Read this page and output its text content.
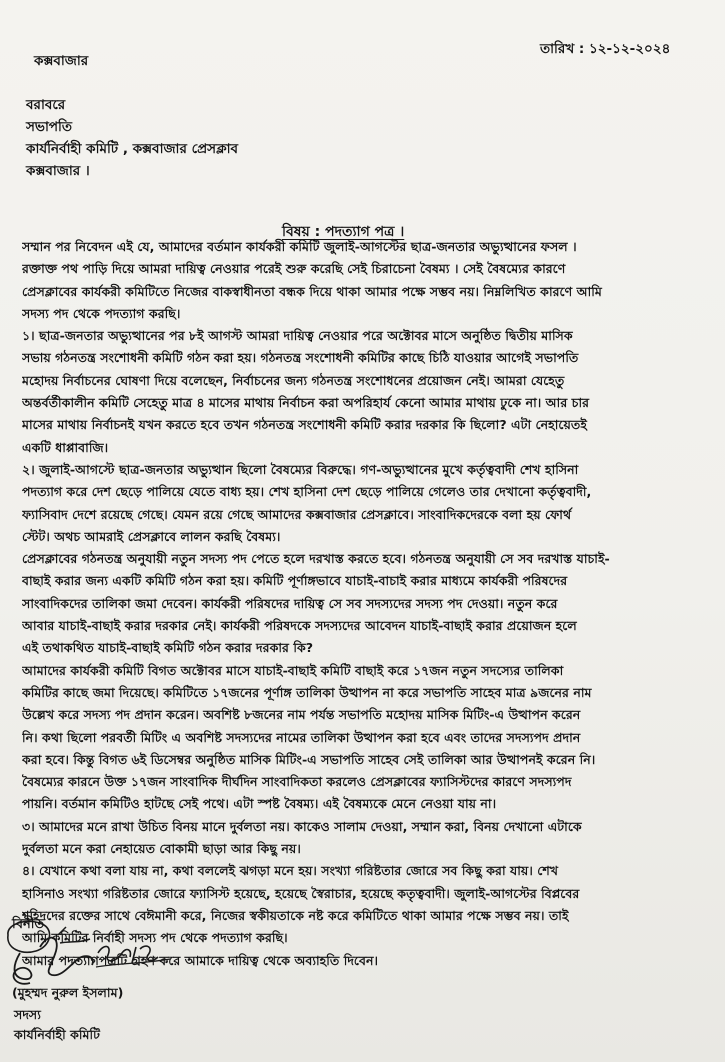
তারিখ : ১২-১২-২০২৪
কক্সবাজার
বরাবরে
সভাপতি
কার্যনির্বাহী কমিটি , কক্সবাজার প্রেসক্লাব
কক্সবাজার ।
বিষয় : পদত্যাগ পত্র ।
সম্মান পর নিবেদন এই যে, আমাদের বর্তমান কার্যকরী কমিটি জুলাই-আগস্টের ছাত্র-জনতার অভ্যুত্থানের ফসল ।
রক্তাক্ত পথ পাড়ি দিয়ে আমরা দায়িত্ব নেওয়ার পরেই শুরু করেছি সেই চিরাচেনা বৈষম্য । সেই বৈষম্যের কারণে
প্রেসক্লাবের কার্যকরী কমিটিতে নিজের বাকস্বাধীনতা বন্ধক দিয়ে থাকা আমার পক্ষে সম্ভব নয়। নিম্নলিখিত কারণে আমি
সদস্য পদ থেকে পদত্যাগ করছি।
১। ছাত্র-জনতার অভ্যুত্থানের পর ৮ই আগস্ট আমরা দায়িত্ব নেওয়ার পরে অক্টোবর মাসে অনুষ্ঠিত দ্বিতীয় মাসিক
সভায় গঠনতন্ত্র সংশোধনী কমিটি গঠন করা হয়। গঠনতন্ত্র সংশোধনী কমিটির কাছে চিঠি যাওয়ার আগেই সভাপতি
মহোদয় নির্বাচনের ঘোষণা দিয়ে বলেছেন, নির্বাচনের জন্য গঠনতন্ত্র সংশোধনের প্রয়োজন নেই। আমরা যেহেতু
অন্তর্বর্তীকালীন কমিটি সেহেতু মাত্র ৪ মাসের মাথায় নির্বাচন করা অপরিহার্য কেনো আমার মাথায় ঢুকে না। আর চার
মাসের মাথায় নির্বাচনই যখন করতে হবে তখন গঠনতন্ত্র সংশোধনী কমিটি করার দরকার কি ছিলো? এটা নেহায়েতই
একটি ধাপ্পাবাজি।
২। জুলাই-আগস্টে ছাত্র-জনতার অভ্যুত্থান ছিলো বৈষম্যের বিরুদ্ধে। গণ-অভ্যুত্থানের মুখে কর্তৃত্ববাদী শেখ হাসিনা
পদত্যাগ করে দেশ ছেড়ে পালিয়ে যেতে বাধ্য হয়। শেখ হাসিনা দেশ ছেড়ে পালিয়ে গেলেও তার দেখানো কর্তৃত্ববাদী,
ফ্যাসিবাদ দেশে রয়েছে গেছে। যেমন রয়ে গেছে আমাদের কক্সবাজার প্রেসক্লাবে। সাংবাদিকদেরকে বলা হয় ফোর্থ
স্টেট। অথচ আমরাই প্রেসক্লাবে লালন করছি বৈষম্য।
প্রেসক্লাবের গঠনতন্ত্র অনুযায়ী নতুন সদস্য পদ পেতে হলে দরখাস্ত করতে হবে। গঠনতন্ত্র অনুযায়ী সে সব দরখাস্ত যাচাই-
বাছাই করার জন্য একটি কমিটি গঠন করা হয়। কমিটি পূর্ণাঙ্গভাবে যাচাই-বাচাই করার মাধ্যমে কার্যকরী পরিষদের
সাংবাদিকদের তালিকা জমা দেবেন। কার্যকরী পরিষদের দায়িত্ব সে সব সদস্যদের সদস্য পদ দেওয়া। নতুন করে
আবার যাচাই-বাছাই করার দরকার নেই। কার্যকরী পরিষদকে সদস্যদের আবেদন যাচাই-বাছাই করার প্রয়োজন হলে
এই তথাকথিত যাচাই-বাছাই কমিটি গঠন করার দরকার কি?
আমাদের কার্যকরী কমিটি বিগত অক্টোবর মাসে যাচাই-বাছাই কমিটি বাছাই করে ১৭জন নতুন সদস্যের তালিকা
কমিটির কাছে জমা দিয়েছে। কমিটিতে ১৭জনের পূর্ণাঙ্গ তালিকা উত্থাপন না করে সভাপতি সাহেব মাত্র ৯জনের নাম
উল্লেখ করে সদস্য পদ প্রদান করেন। অবশিষ্ট ৮জনের নাম পর্যন্ত সভাপতি মহোদয় মাসিক মিটিং-এ উত্থাপন করেন
নি। কথা ছিলো পরবর্তী মিটিং এ অবশিষ্ট সদস্যদের নামের তালিকা উত্থাপন করা হবে এবং তাদের সদস্যপদ প্রদান
করা হবে। কিন্তু বিগত ৬ই ডিসেম্বর অনুষ্ঠিত মাসিক মিটিং-এ সভাপতি সাহেব সেই তালিকা আর উত্থাপনই করেন নি।
বৈষম্যের কারনে উক্ত ১৭জন সাংবাদিক দীর্ঘদিন সাংবাদিকতা করলেও প্রেসক্লাবের ফ্যাসিস্টদের কারণে সদস্যপদ
পায়নি। বর্তমান কমিটিও হাটছে সেই পথে। এটা স্পষ্ট বৈষম্য। এই বৈষম্যকে মেনে নেওয়া যায় না।
৩। আমাদের মনে রাখা উচিত বিনয় মানে দুর্বলতা নয়। কাকেও সালাম দেওয়া, সম্মান করা, বিনয় দেখানো এটাকে
দুর্বলতা মনে করা নেহায়েত বোকামী ছাড়া আর কিছু নয়।
৪। যেখানে কথা বলা যায় না, কথা বললেই ঝগড়া মনে হয়। সংখ্যা গরিষ্টতার জোরে সব কিছু করা যায়। শেখ
হাসিনাও সংখ্যা গরিষ্টতার জোরে ফ্যাসিস্ট হয়েছে, হয়েছে স্বৈরাচার, হয়েছে কতৃত্ববাদী। জুলাই-আগস্টের বিপ্লবের
শহিদদের রক্তের সাথে বেঈমানী করে, নিজের স্বকীয়তাকে নষ্ট করে কমিটিতে থাকা আমার পক্ষে সম্ভব নয়। তাই
আমি কমিটির নির্বাহী সদস্য পদ থেকে পদত্যাগ করছি।
আমার পদত্যাগপত্রটি গ্রহণ করে আমাকে দায়িত্ব থেকে অব্যাহতি দিবেন।
বিনীত
(মুহম্মদ নুরুল ইসলাম)
সদস্য
কার্যনির্বাহী কমিটি
